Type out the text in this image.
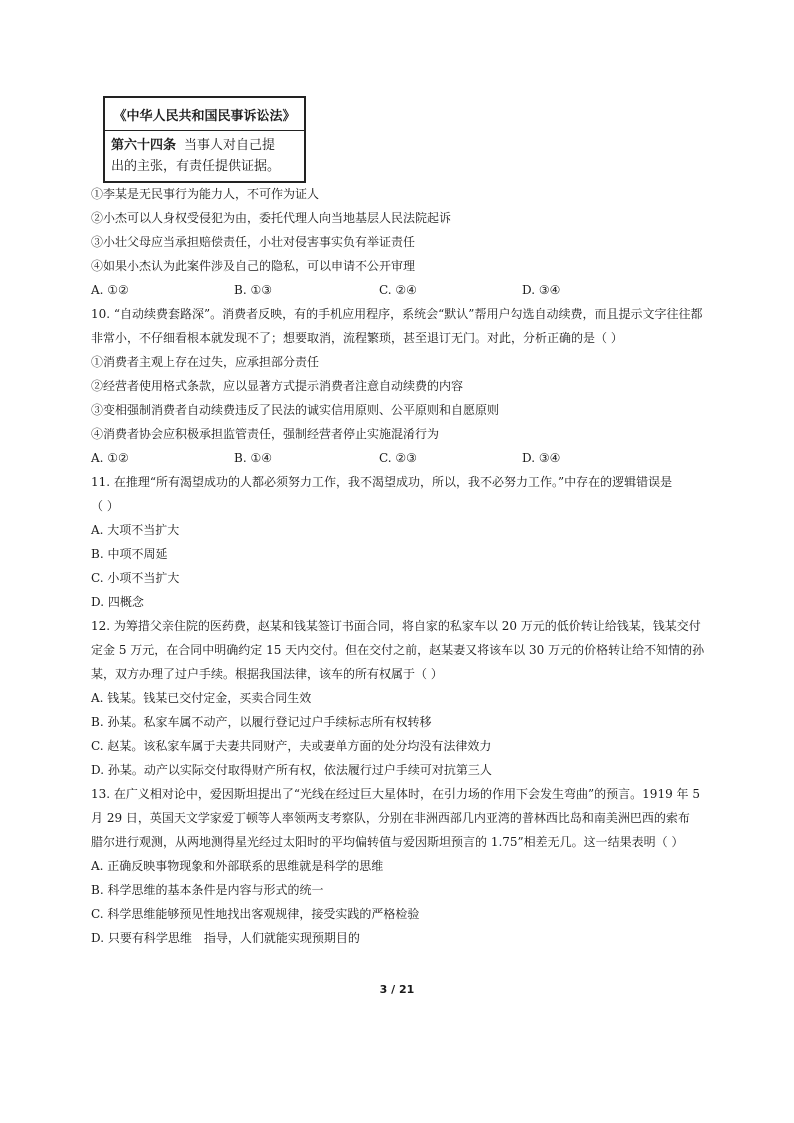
《中华人民共和国民事诉讼法》
第六十四条 当事人对自己提
出的主张，有责任提供证据。
①李某是无民事行为能力人，不可作为证人
②小杰可以人身权受侵犯为由，委托代理人向当地基层人民法院起诉
③小壮父母应当承担赔偿责任，小壮对侵害事实负有举证责任
④如果小杰认为此案件涉及自己的隐私，可以申请不公开审理
A. ①②	B. ①③	C. ②④	D. ③④
10. “自动续费套路深”。消费者反映，有的手机应用程序，系统会“默认”帮用户勾选自动续费，而且提示文字往往都
非常小，不仔细看根本就发现不了；想要取消，流程繁琐，甚至退订无门。对此，分析正确的是（ ）
①消费者主观上存在过失，应承担部分责任
②经营者使用格式条款，应以显著方式提示消费者注意自动续费的内容
③变相强制消费者自动续费违反了民法的诚实信用原则、公平原则和自愿原则
④消费者协会应积极承担监管责任，强制经营者停止实施混淆行为
A. ①②	B. ①④	C. ②③	D. ③④
11. 在推理“所有渴望成功的人都必须努力工作，我不渴望成功，所以，我不必努力工作。”中存在的逻辑错误是
（ ）
A. 大项不当扩大
B. 中项不周延
C. 小项不当扩大
D. 四概念
12. 为筹措父亲住院的医药费，赵某和钱某签订书面合同，将自家的私家车以 20 万元的低价转让给钱某，钱某交付
定金 5 万元，在合同中明确约定 15 天内交付。但在交付之前，赵某妻又将该车以 30 万元的价格转让给不知情的孙
某，双方办理了过户手续。根据我国法律，该车的所有权属于（ ）
A. 钱某。钱某已交付定金，买卖合同生效
B. 孙某。私家车属不动产，以履行登记过户手续标志所有权转移
C. 赵某。该私家车属于夫妻共同财产，夫或妻单方面的处分均没有法律效力
D. 孙某。动产以实际交付取得财产所有权，依法履行过户手续可对抗第三人
13. 在广义相对论中，爱因斯坦提出了“光线在经过巨大星体时，在引力场的作用下会发生弯曲”的预言。1919 年 5
月 29 日，英国天文学家爱丁顿等人率领两支考察队，分别在非洲西部几内亚湾的普林西比岛和南美洲巴西的索布
腊尔进行观测，从两地测得星光经过太阳时的平均偏转值与爱因斯坦预言的 1.75”相差无几。这一结果表明（ ）
A. 正确反映事物现象和外部联系的思维就是科学的思维
B. 科学思维的基本条件是内容与形式的统一
C. 科学思维能够预见性地找出客观规律，接受实践的严格检验
D. 只要有科学思维　指导，人们就能实现预期目的
3 / 21
